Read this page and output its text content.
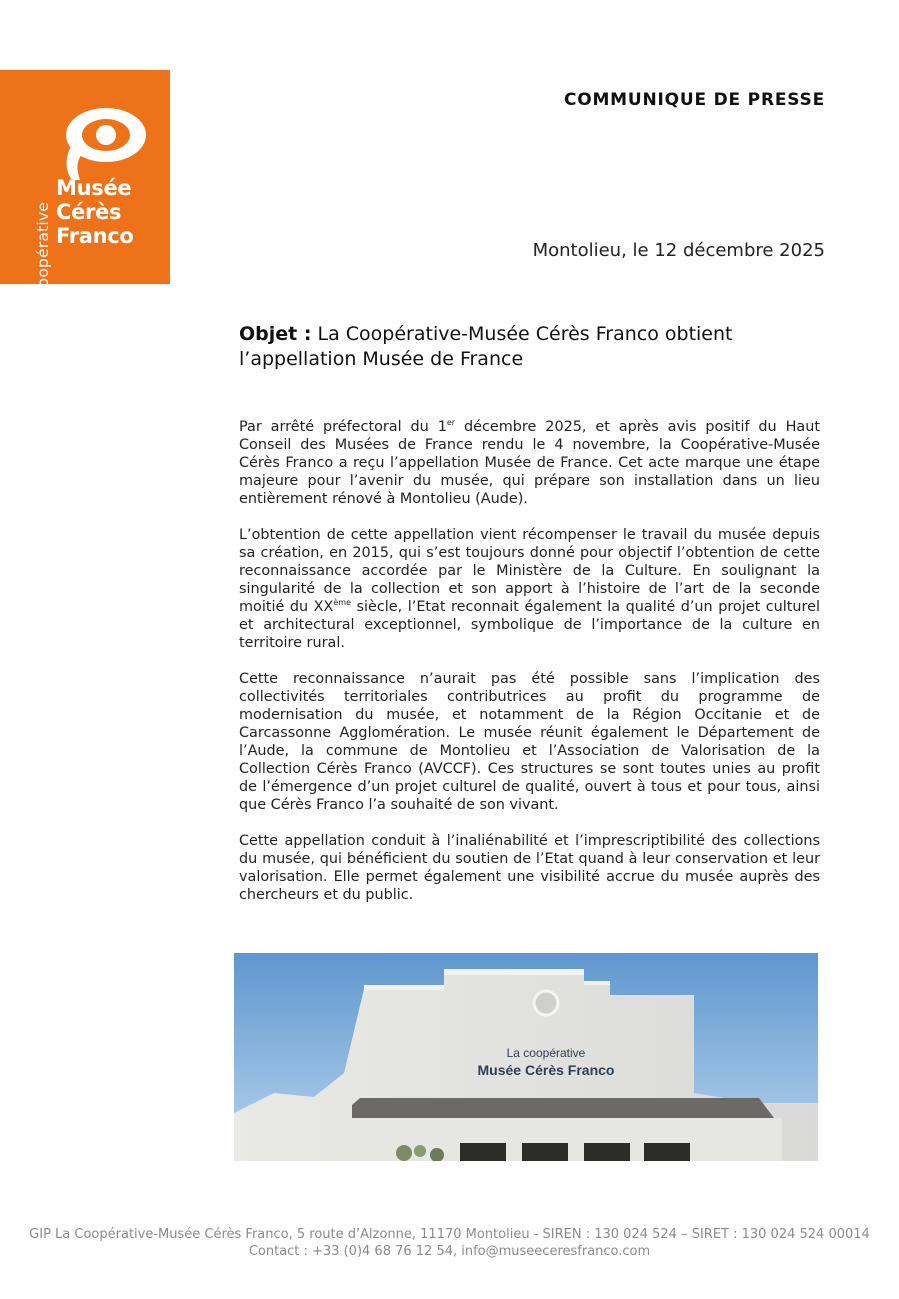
La Coopérative
Musée
Cérès
Franco
COMMUNIQUE DE PRESSE
Montolieu, le 12 décembre 2025
Objet : La Coopérative-Musée Cérès Franco obtient l’appellation Musée de France

Par arrêté préfectoral du 1er décembre 2025, et après avis positif du Haut Conseil des Musées de France rendu le 4 novembre, la Coopérative-Musée Cérès Franco a reçu l’appellation Musée de France. Cet acte marque une étape majeure pour l’avenir du musée, qui prépare son installation dans un lieu entièrement rénové à Montolieu (Aude).

L’obtention de cette appellation vient récompenser le travail du musée depuis sa création, en 2015, qui s’est toujours donné pour objectif l’obtention de cette reconnaissance accordée par le Ministère de la Culture. En soulignant la singularité de la collection et son apport à l’histoire de l’art de la seconde moitié du XXème siècle, l’Etat reconnait également la qualité d’un projet culturel et architectural exceptionnel, symbolique de l’importance de la culture en territoire rural.

Cette reconnaissance n’aurait pas été possible sans l’implication des collectivités territoriales contributrices au profit du programme de modernisation du musée, et notamment de la Région Occitanie et de Carcassonne Agglomération. Le musée réunit également le Département de l’Aude, la commune de Montolieu et l’Association de Valorisation de la Collection Cérès Franco (AVCCF). Ces structures se sont toutes unies au profit de l’émergence d’un projet culturel de qualité, ouvert à tous et pour tous, ainsi que Cérès Franco l’a souhaité de son vivant.

Cette appellation conduit à l’inaliénabilité et l’imprescriptibilité des collections du musée, qui bénéficient du soutien de l’Etat quand à leur conservation et leur valorisation. Elle permet également une visibilité accrue du musée auprès des chercheurs et du public.

La coopérative
Musée Cérès Franco
GIP La Coopérative-Musée Cérès Franco, 5 route d’Alzonne, 11170 Montolieu - SIREN : 130 024 524 – SIRET : 130 024 524 00014
Contact : +33 (0)4 68 76 12 54, info@museeceresfranco.com
